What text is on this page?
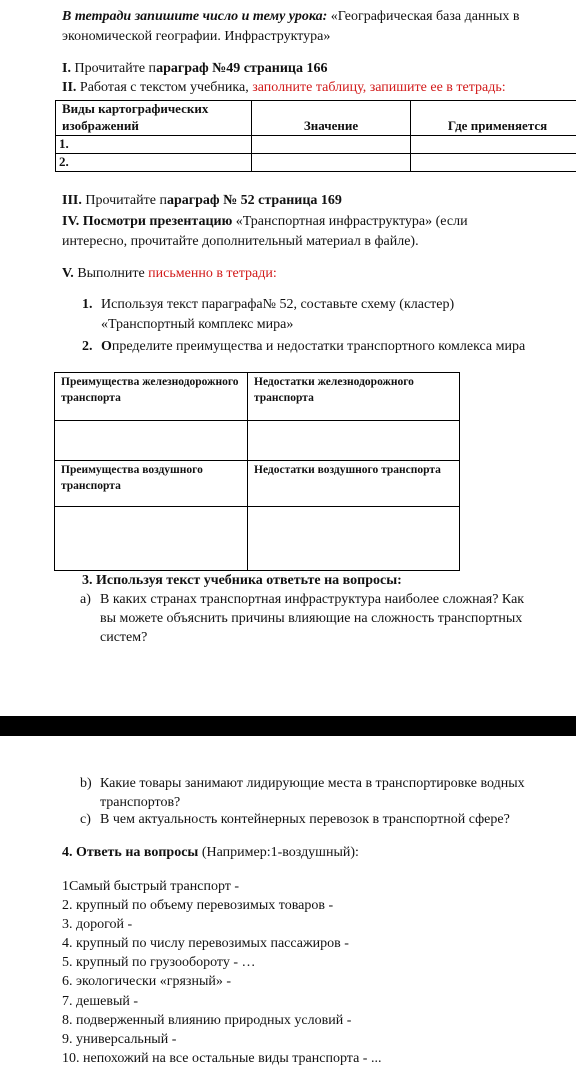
В тетради запишите число и тему урока: «Географическая база данных в
экономической географии. Инфраструктура»
I. Прочитайте параграф №49 страница 166
II. Работая с текстом учебника, заполните таблицу, запишите ее в тетрадь:
Виды картографических изображений	Значение	Где применяется
1.		
2.		
III. Прочитайте параграф № 52 страница 169
IV. Посмотри презентацию «Транспортная инфраструктура» (если
интересно, прочитайте дополнительный материал в файле).
V. Выполните письменно в тетради:
1. Используя текст параграфа№ 52, составьте схему (кластер)
«Транспортный комплекс мира»
2. Определите преимущества и недостатки транспортного комлекса мира
Преимущества железнодорожного транспорта	Недостатки железнодорожного транспорта

Преимущества воздушного транспорта	Недостатки воздушного транспорта

3. Используя текст учебника ответьте на вопросы:
a) В каких странах транспортная инфраструктура наиболее сложная? Как
вы можете объяснить причины влияющие на сложность транспортных
систем?
b) Какие товары занимают лидирующие места в транспортировке водных
транспортов?
c) В чем актуальность контейнерных перевозок в транспортной сфере?
4. Ответь на вопросы (Например:1-воздушный):
1Самый быстрый транспорт -
2. крупный по объему перевозимых товаров -
3. дорогой -
4. крупный по числу перевозимых пассажиров -
5. крупный по грузообороту - …
6. экологически «грязный» -
7. дешевый -
8. подверженный влиянию природных условий -
9. универсальный -
10. непохожий на все остальные виды транспорта - ...
